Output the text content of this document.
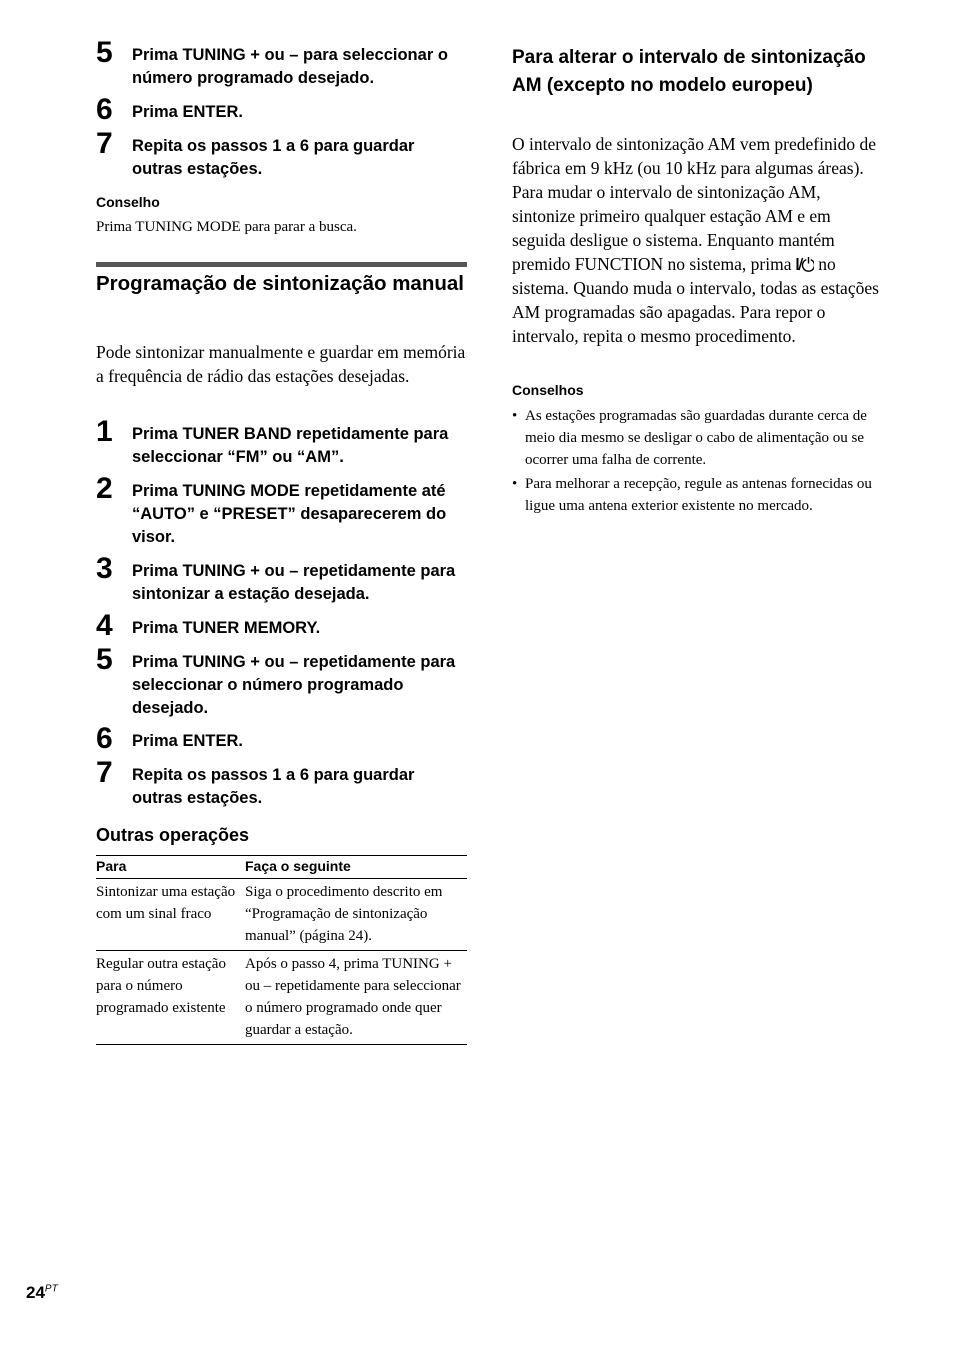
5 Prima TUNING + ou – para seleccionar o número programado desejado.
6 Prima ENTER.
7 Repita os passos 1 a 6 para guardar outras estações.
Conselho
Prima TUNING MODE para parar a busca.
Programação de sintonização manual
Pode sintonizar manualmente e guardar em memória a frequência de rádio das estações desejadas.
1 Prima TUNER BAND repetidamente para seleccionar “FM” ou “AM”.
2 Prima TUNING MODE repetidamente até “AUTO” e “PRESET” desaparecerem do visor.
3 Prima TUNING + ou – repetidamente para sintonizar a estação desejada.
4 Prima TUNER MEMORY.
5 Prima TUNING + ou – repetidamente para seleccionar o número programado desejado.
6 Prima ENTER.
7 Repita os passos 1 a 6 para guardar outras estações.
Outras operações
Para	Faça o seguinte
Sintonizar uma estação com um sinal fraco	Siga o procedimento descrito em “Programação de sintonização manual” (página 24).
Regular outra estação para o número programado existente	Após o passo 4, prima TUNING + ou – repetidamente para seleccionar o número programado onde quer guardar a estação.
Para alterar o intervalo de sintonização AM (excepto no modelo europeu)
O intervalo de sintonização AM vem predefinido de fábrica em 9 kHz (ou 10 kHz para algumas áreas). Para mudar o intervalo de sintonização AM, sintonize primeiro qualquer estação AM e em seguida desligue o sistema. Enquanto mantém premido FUNCTION no sistema, prima no sistema. Quando muda o intervalo, todas as estações AM programadas são apagadas. Para repor o intervalo, repita o mesmo procedimento.
Conselhos
• As estações programadas são guardadas durante cerca de meio dia mesmo se desligar o cabo de alimentação ou se ocorrer uma falha de corrente.
• Para melhorar a recepção, regule as antenas fornecidas ou ligue uma antena exterior existente no mercado.
$24^{PT}$
